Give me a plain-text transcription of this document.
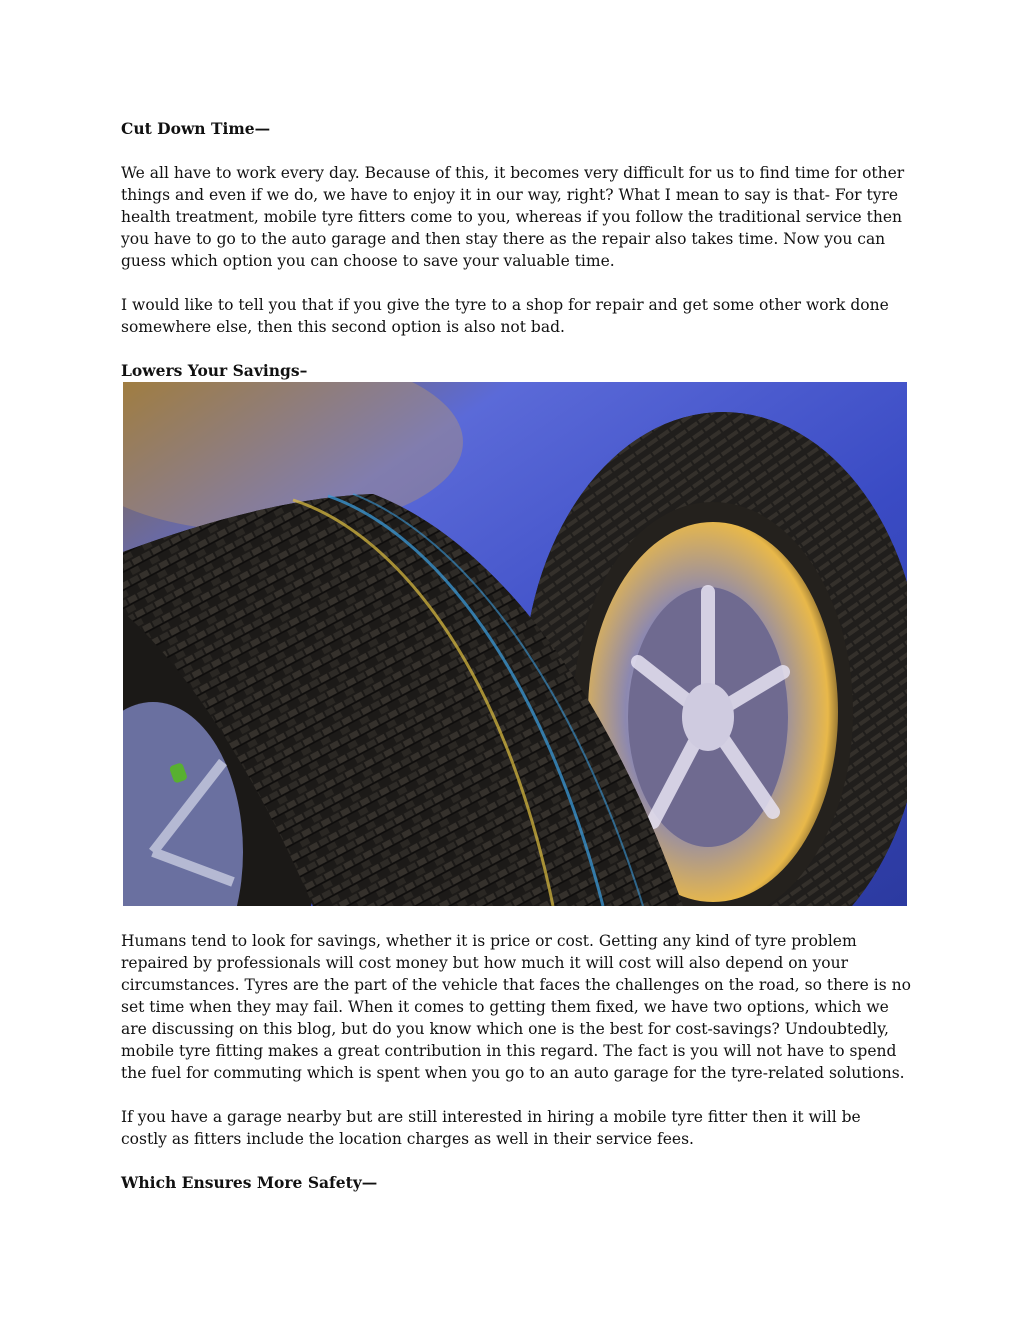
Cut Down Time—

We all have to work every day. Because of this, it becomes very difficult for us to find time for other things and even if we do, we have to enjoy it in our way, right? What I mean to say is that- For tyre health treatment, mobile tyre fitters come to you, whereas if you follow the traditional service then you have to go to the auto garage and then stay there as the repair also takes time. Now you can guess which option you can choose to save your valuable time.

I would like to tell you that if you give the tyre to a shop for repair and get some other work done somewhere else, then this second option is also not bad.

Lowers Your Savings–

Humans tend to look for savings, whether it is price or cost. Getting any kind of tyre problem repaired by professionals will cost money but how much it will cost will also depend on your circumstances. Tyres are the part of the vehicle that faces the challenges on the road, so there is no set time when they may fail. When it comes to getting them fixed, we have two options, which we are discussing on this blog, but do you know which one is the best for cost-savings? Undoubtedly, mobile tyre fitting makes a great contribution in this regard. The fact is you will not have to spend the fuel for commuting which is spent when you go to an auto garage for the tyre-related solutions.

If you have a garage nearby but are still interested in hiring a mobile tyre fitter then it will be costly as fitters include the location charges as well in their service fees.

Which Ensures More Safety—
